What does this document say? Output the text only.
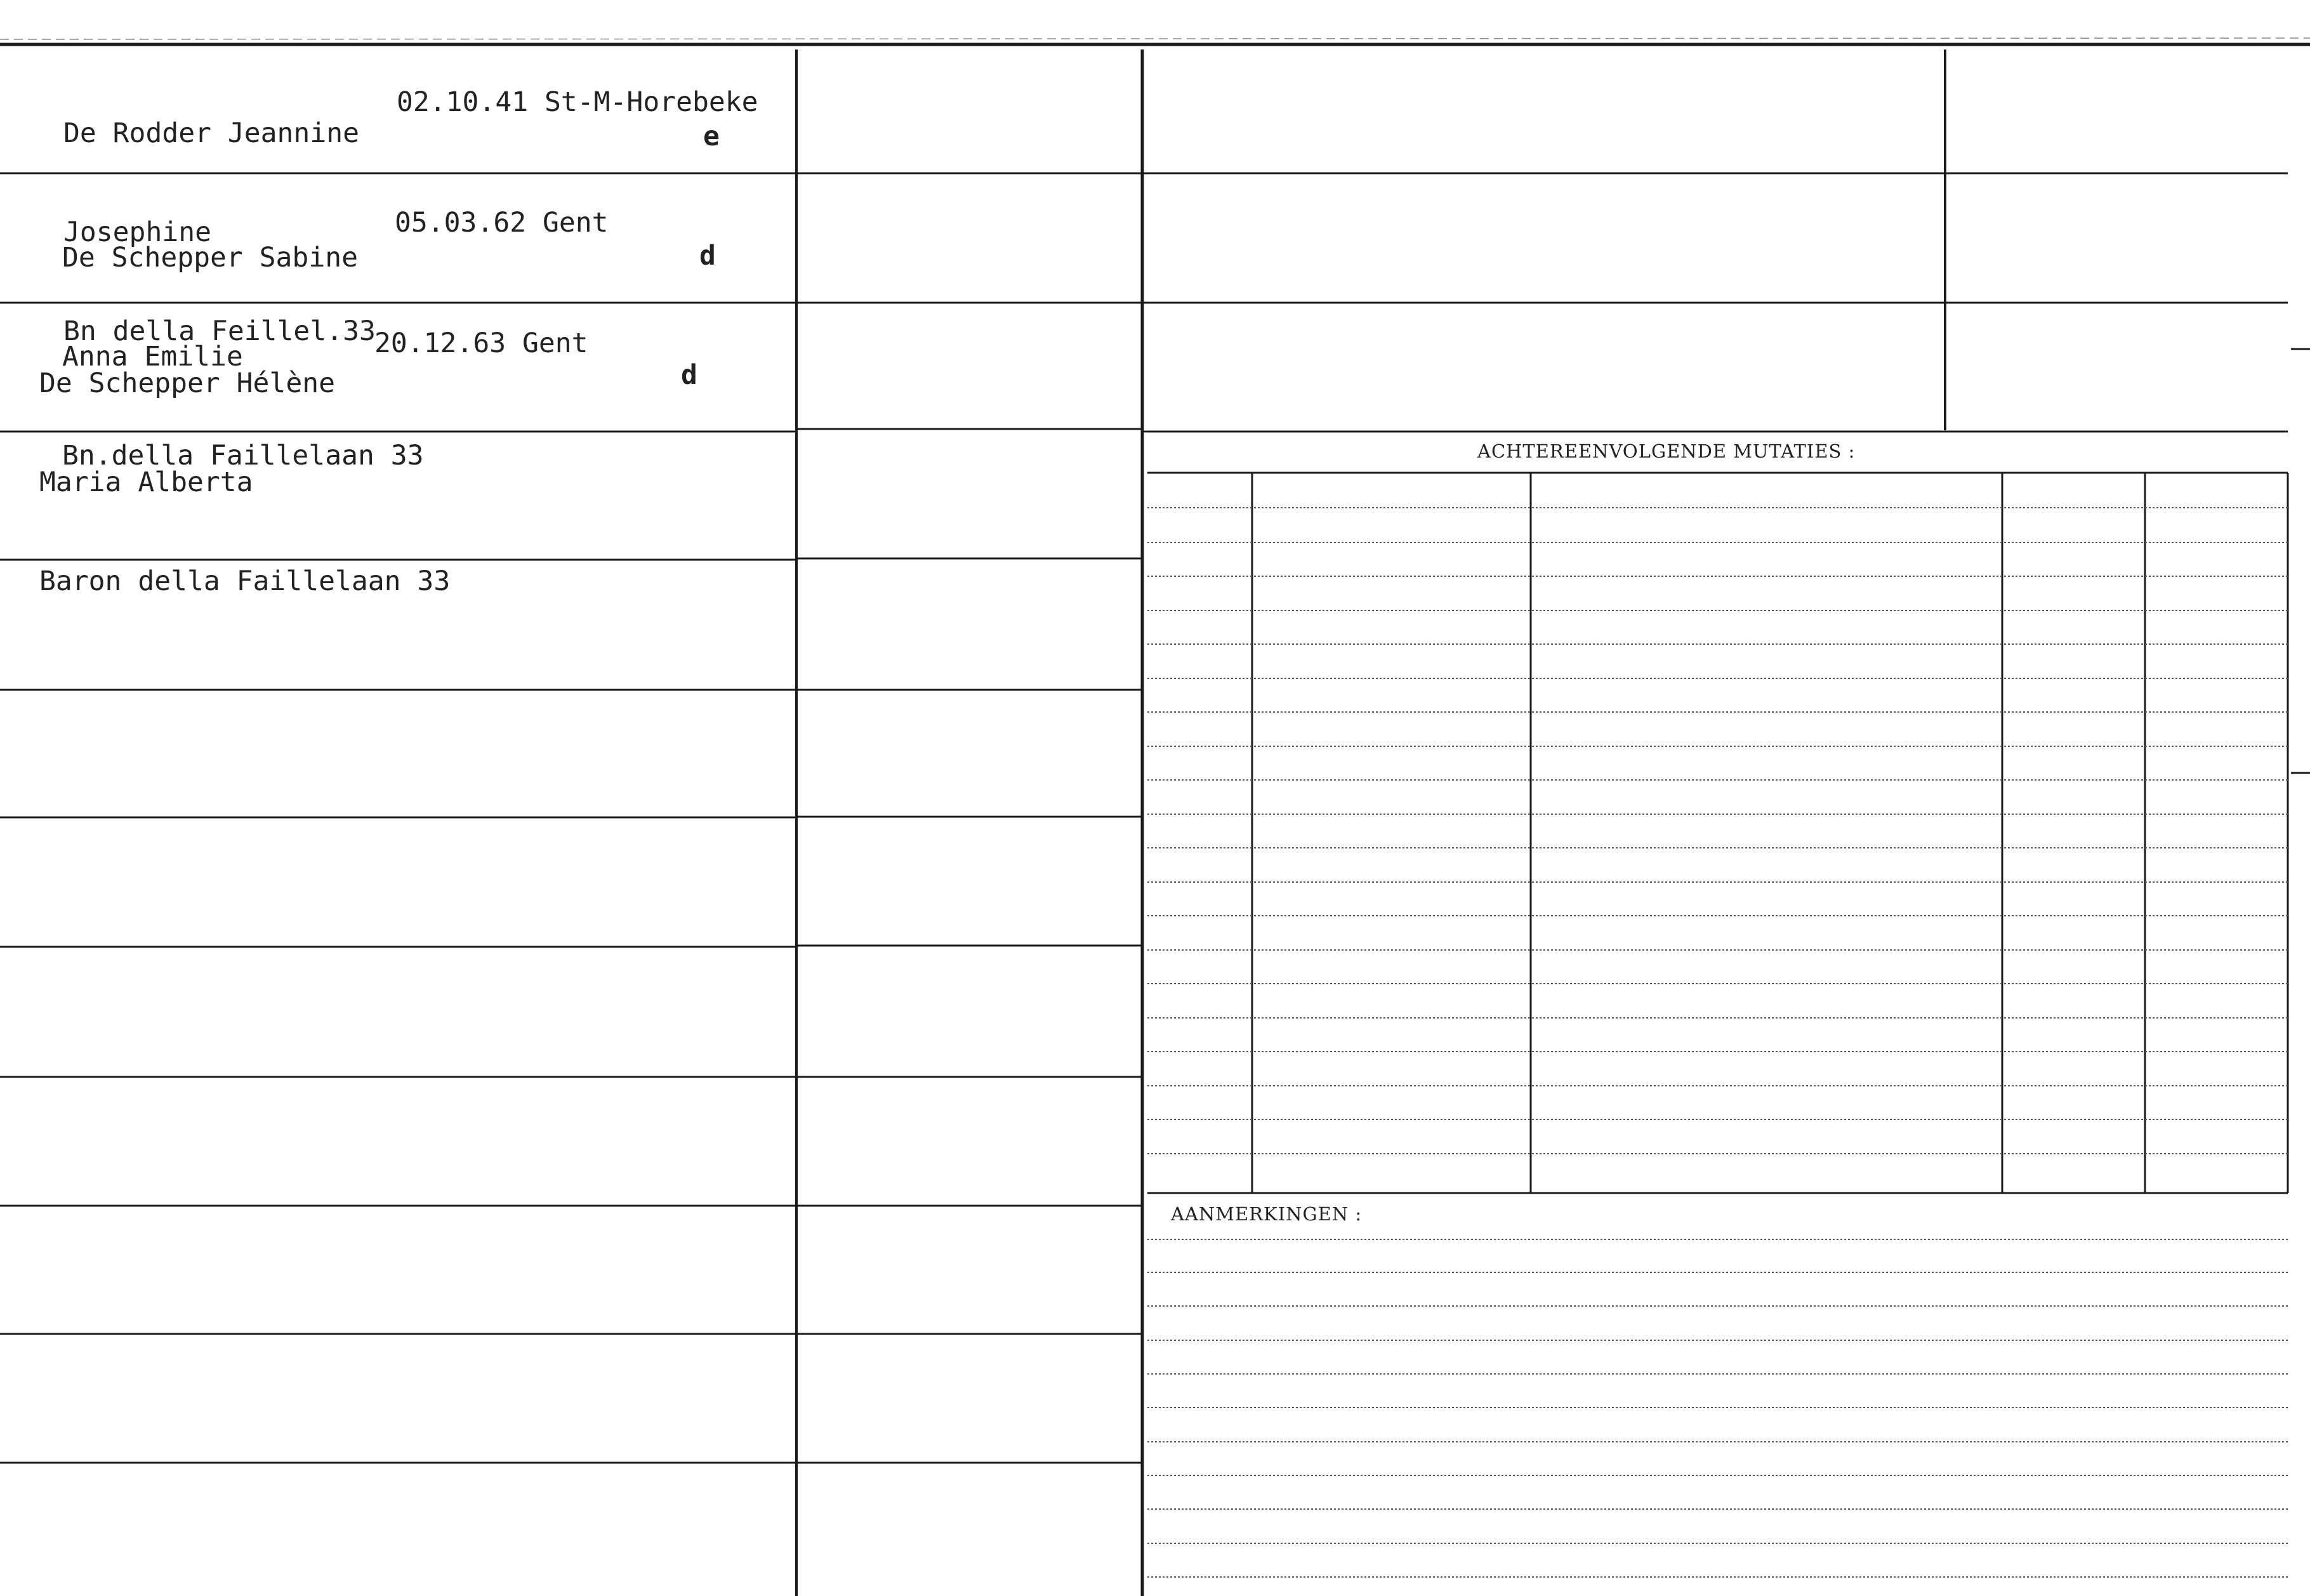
De Rodder Jeannine

Josephine

Bn della Feillel.33

02.10.41 St-M-Horebeke
e

De Schepper Sabine

Anna Emilie

Bn.della Faillelaan 33

05.03.62 Gent
d

De Schepper Hélène

Maria Alberta

Baron della Faillelaan 33

20.12.63 Gent
d
ACHTEREENVOLGENDE MUTATIES :
AANMERKINGEN :
